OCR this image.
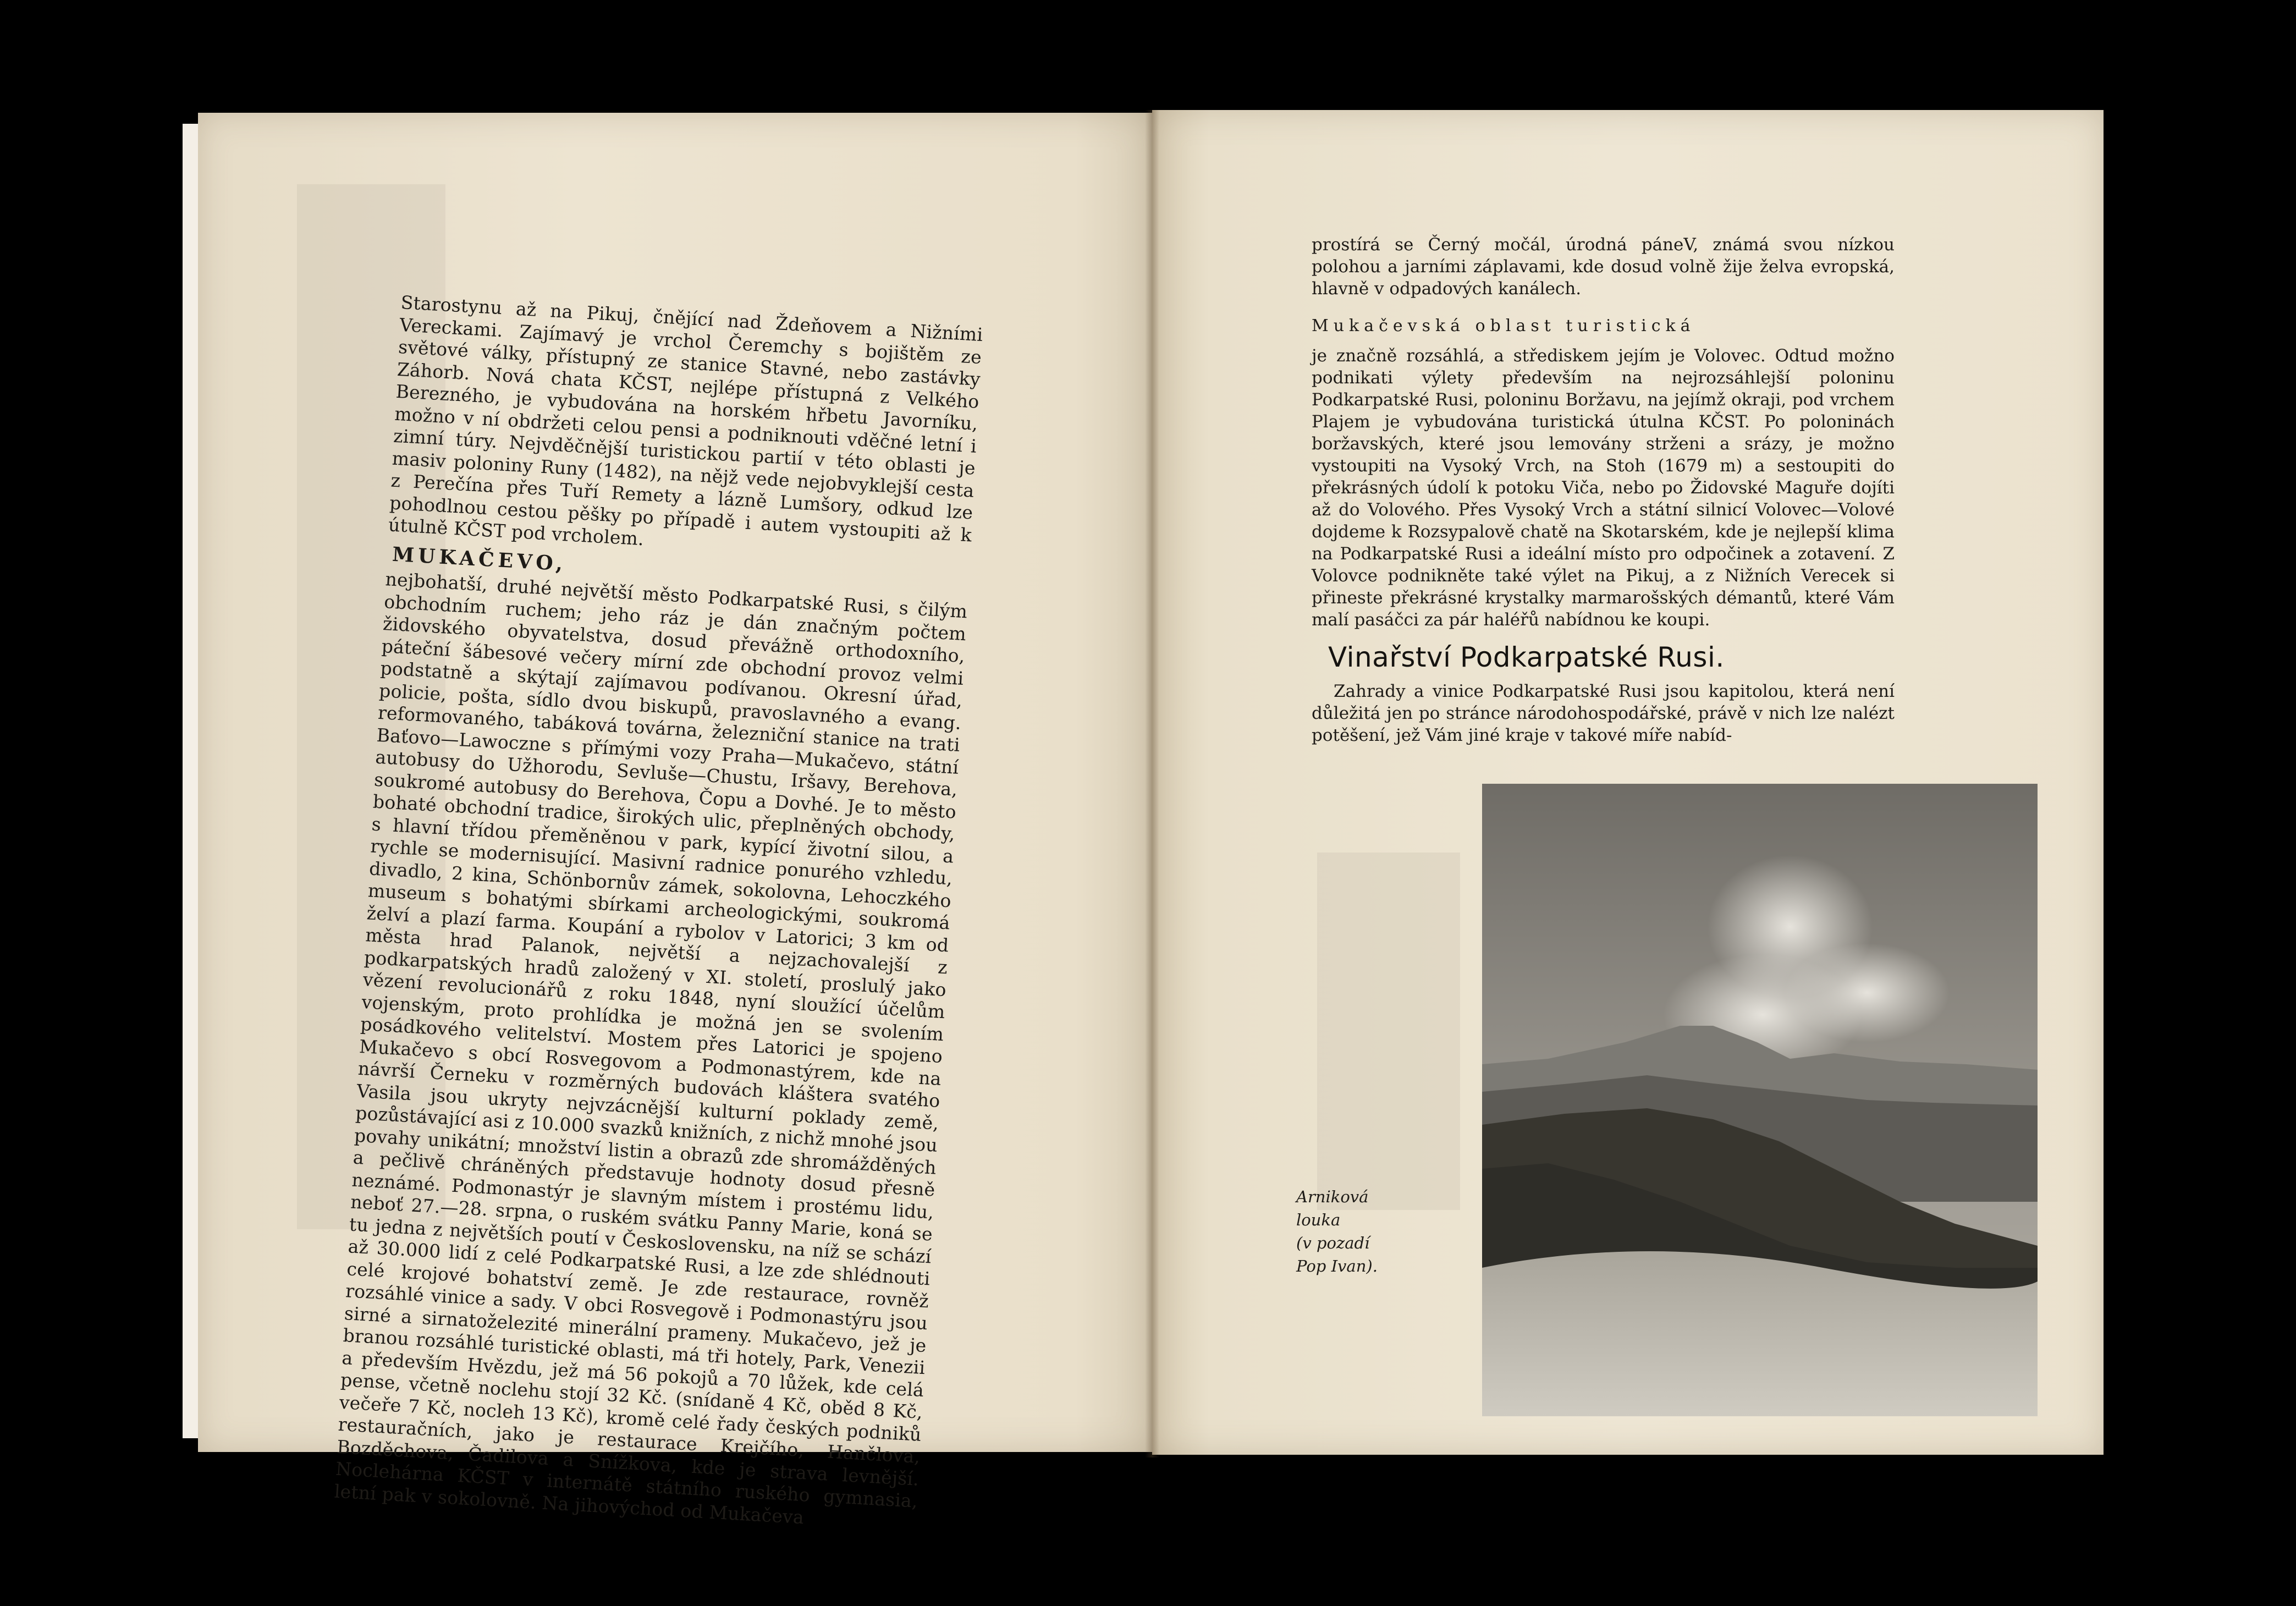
Starostynu až na Pikuj, čnějící nad Ždeňovem a Nižními Vereckami. Zajímavý je vrchol Čeremchy s bojištěm ze světové války, přístupný ze stanice Stavné, nebo zastávky Záhorb. Nová chata KČST, nejlépe přístupná z Velkého Berezného, je vybudována na horském hřbetu Javorníku, možno v ní obdržeti celou pensi a podniknouti vděčné letní i zimní túry. Nejvděčnější turistickou partií v této oblasti je masiv poloniny Runy (1482), na nějž vede nejobvyklejší cesta z Perečína přes Tuří Remety a lázně Lumšory, odkud lze pohodlnou cestou pěšky po případě i autem vystoupiti až k útulně KČST pod vrcholem.

MUKAČEVO,

nejbohatší, druhé největší město Podkarpatské Rusi, s čilým obchodním ruchem; jeho ráz je dán značným počtem židovského obyvatelstva, dosud převážně orthodoxního, páteční šábesové večery mírní zde obchodní provoz velmi podstatně a skýtají zajímavou podívanou. Okresní úřad, policie, pošta, sídlo dvou biskupů, pravoslavného a evang. reformovaného, tabáková továrna, železniční stanice na trati Baťovo—Lawoczne s přímými vozy Praha—Mukačevo, státní autobusy do Užhorodu, Sevluše—Chustu, Iršavy, Berehova, soukromé autobusy do Berehova, Čopu a Dovhé. Je to město bohaté obchodní tradice, širokých ulic, přeplněných obchody, s hlavní třídou přeměněnou v park, kypící životní silou, a rychle se modernisující. Masivní radnice ponurého vzhledu, divadlo, 2 kina, Schönbornův zámek, sokolovna, Lehoczkého museum s bohatými sbírkami archeologickými, soukromá želví a plazí farma. Koupání a rybolov v Latorici; 3 km od města hrad Palanok, největší a nejzachovalejší z podkarpatských hradů založený v XI. století, proslulý jako vězení revolucionářů z roku 1848, nyní sloužící účelům vojenským, proto prohlídka je možná jen se svolením posádkového velitelství. Mostem přes Latorici je spojeno Mukačevo s obcí Rosvegovom a Podmonastýrem, kde na návrší Černeku v rozměrných budovách kláštera svatého Vasila jsou ukryty nejvzácnější kulturní poklady země, pozůstávající asi z 10.000 svazků knižních, z nichž mnohé jsou povahy unikátní; množství listin a obrazů zde shromážděných a pečlivě chráněných představuje hodnoty dosud přesně neznámé. Podmonastýr je slavným místem i prostému lidu, neboť 27.—28. srpna, o ruském svátku Panny Marie, koná se tu jedna z největších poutí v Československu, na níž se schází až 30.000 lidí z celé Podkarpatské Rusi, a lze zde shlédnouti celé krojové bohatství země. Je zde restaurace, rovněž rozsáhlé vinice a sady. V obci Rosvegově i Podmonastýru jsou sirné a sirnatoželezité minerální prameny. Mukačevo, jež je branou rozsáhlé turistické oblasti, má tři hotely, Park, Venezii a především Hvězdu, jež má 56 pokojů a 70 lůžek, kde celá pense, včetně noclehu stojí 32 Kč. (snídaně 4 Kč, oběd 8 Kč, večeře 7 Kč, nocleh 13 Kč), kromě celé řady českých podniků restauračních, jako je restaurace Krejčího, Hančlova, Bozděchova, Čadilova a Snížkova, kde je strava levnější. Noclehárna KČST v internátě státního ruského gymnasia, letní pak v sokolovně. Na jihovýchod od Mukačeva

prostírá se Černý močál, úrodná páneV, známá svou nízkou polohou a jarními záplavami, kde dosud volně žije želva evropská, hlavně v odpadových kanálech.

Mukačevská oblast turistická

je značně rozsáhlá, a střediskem jejím je Volovec. Odtud možno podnikati výlety především na nejrozsáhlejší poloninu Podkarpatské Rusi, poloninu Boržavu, na jejímž okraji, pod vrchem Plajem je vybudována turistická útulna KČST. Po poloninách boržavských, které jsou lemovány strženi a srázy, je možno vystoupiti na Vysoký Vrch, na Stoh (1679 m) a sestoupiti do překrásných údolí k potoku Viča, nebo po Židovské Maguře dojíti až do Volového. Přes Vysoký Vrch a státní silnicí Volovec—Volové dojdeme k Rozsypalově chatě na Skotarském, kde je nejlepší klima na Podkarpatské Rusi a ideální místo pro odpočinek a zotavení. Z Volovce podnikněte také výlet na Pikuj, a z Nižních Verecek si přineste překrásné krystalky marmarošských démantů, které Vám malí pasáčci za pár haléřů nabídnou ke koupi.

Vinařství Podkarpatské Rusi.

Zahrady a vinice Podkarpatské Rusi jsou kapitolou, která není důležitá jen po stránce národohospodářské, právě v nich lze nalézt potěšení, jež Vám jiné kraje v takové míře nabíd-

Arniková

louka

(v pozadí

Pop Ivan).
